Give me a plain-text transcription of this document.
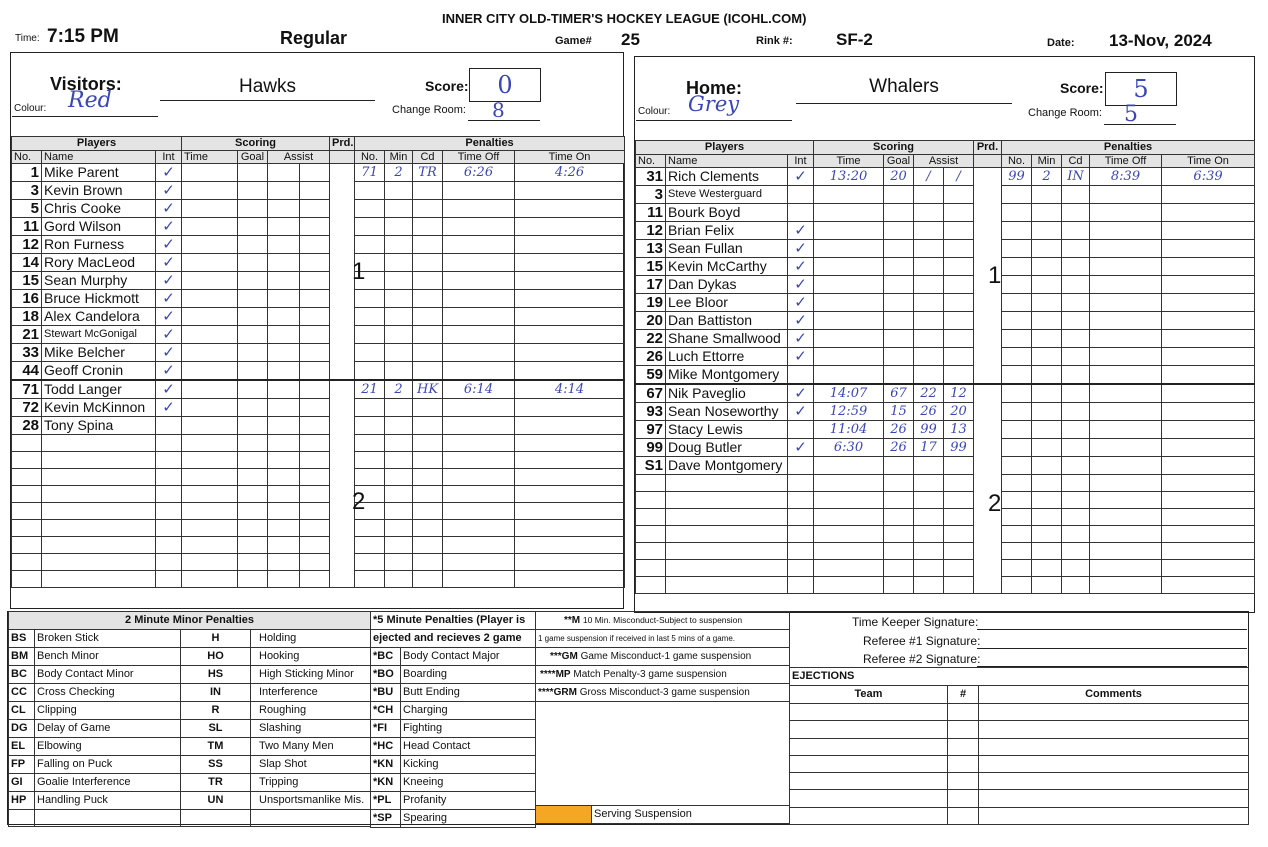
INNER CITY OLD-TIMER'S HOCKEY LEAGUE (ICOHL.COM)
Time: 7:15 PM	Regular	Game# 25	Rink #:	SF-2	Date: 13-Nov, 2024
Visitors:
Colour: Red
Hawks	Score:	0
Change Room: 8
Players			Scoring				Prd.	Penalties				
No.	Name	Int	Time	Goal	Assist			No.	Min	Cd	Time Off	Time On
1	Mike Parent	✓						71	2	TR	6:26	4:26
3	Kevin Brown	✓										
5	Chris Cooke	✓										
11	Gord Wilson	✓										
12	Ron Furness	✓										
14	Rory MacLeod	✓										
15	Sean Murphy	✓										
16	Bruce Hickmott	✓										
18	Alex Candelora	✓										
21	Stewart McGonigal	✓										
33	Mike Belcher	✓										
44	Geoff Cronin	✓										
71	Todd Langer	✓						21	2	HK	6:14	4:14
72	Kevin McKinnon	✓										
28	Tony Spina											

1
2
Home:
Colour: Grey
Whalers	Score:	5
Change Room: 5
Players			Scoring				Prd.	Penalties				
No.	Name	Int	Time	Goal	Assist			No.	Min	Cd	Time Off	Time On
31	Rich Clements	✓	13:20	20	/	/		99	2	IN	8:39	6:39
3	Steve Westerguard											
11	Bourk Boyd											
12	Brian Felix	✓										
13	Sean Fullan	✓										
15	Kevin McCarthy	✓										
17	Dan Dykas	✓										
19	Lee Bloor	✓										
20	Dan Battiston	✓										
22	Shane Smallwood	✓										
26	Luch Ettorre	✓										
59	Mike Montgomery											
67	Nik Paveglio	✓	14:07	67	22	12						
93	Sean Noseworthy	✓	12:59	15	26	20						
97	Stacy Lewis		11:04	26	99	13						
99	Doug Butler	✓	6:30	26	17	99						
S1	Dave Montgomery											

1
2
2 Minute Minor Penalties			
BS	Broken Stick	H	Holding
BM	Bench Minor	HO	Hooking
BC	Body Contact Minor	HS	High Sticking Minor
CC	Cross Checking	IN	Interference
CL	Clipping	R	Roughing
DG	Delay of Game	SL	Slashing
EL	Elbowing	TM	Two Many Men
FP	Falling on Puck	SS	Slap Shot
GI	Goalie Interference	TR	Tripping
HP	Handling Puck	UN	Unsportsmanlike Mis.

*5 Minute Penalties (Player is	
ejected and recieves 2 game	
*BC	Body Contact Major
*BO	Boarding
*BU	Butt Ending
*CH	Charging
*FI	Fighting
*HC	Head Contact
*KN	Kicking
*KN	Kneeing
*PL	Profanity
*SP	Spearing
**M 10 Min. Misconduct-Subject to suspension
1 game suspension if received in last 5 mins of a game.
***GM Game Misconduct-1 game suspension
****MP Match Penalty-3 game suspension
****GRM Gross Misconduct-3 game suspension

	Serving Suspension
Time Keeper Signature:
Referee #1 Signature:
Referee #2 Signature:
EJECTIONS		
Team	#	Comments
